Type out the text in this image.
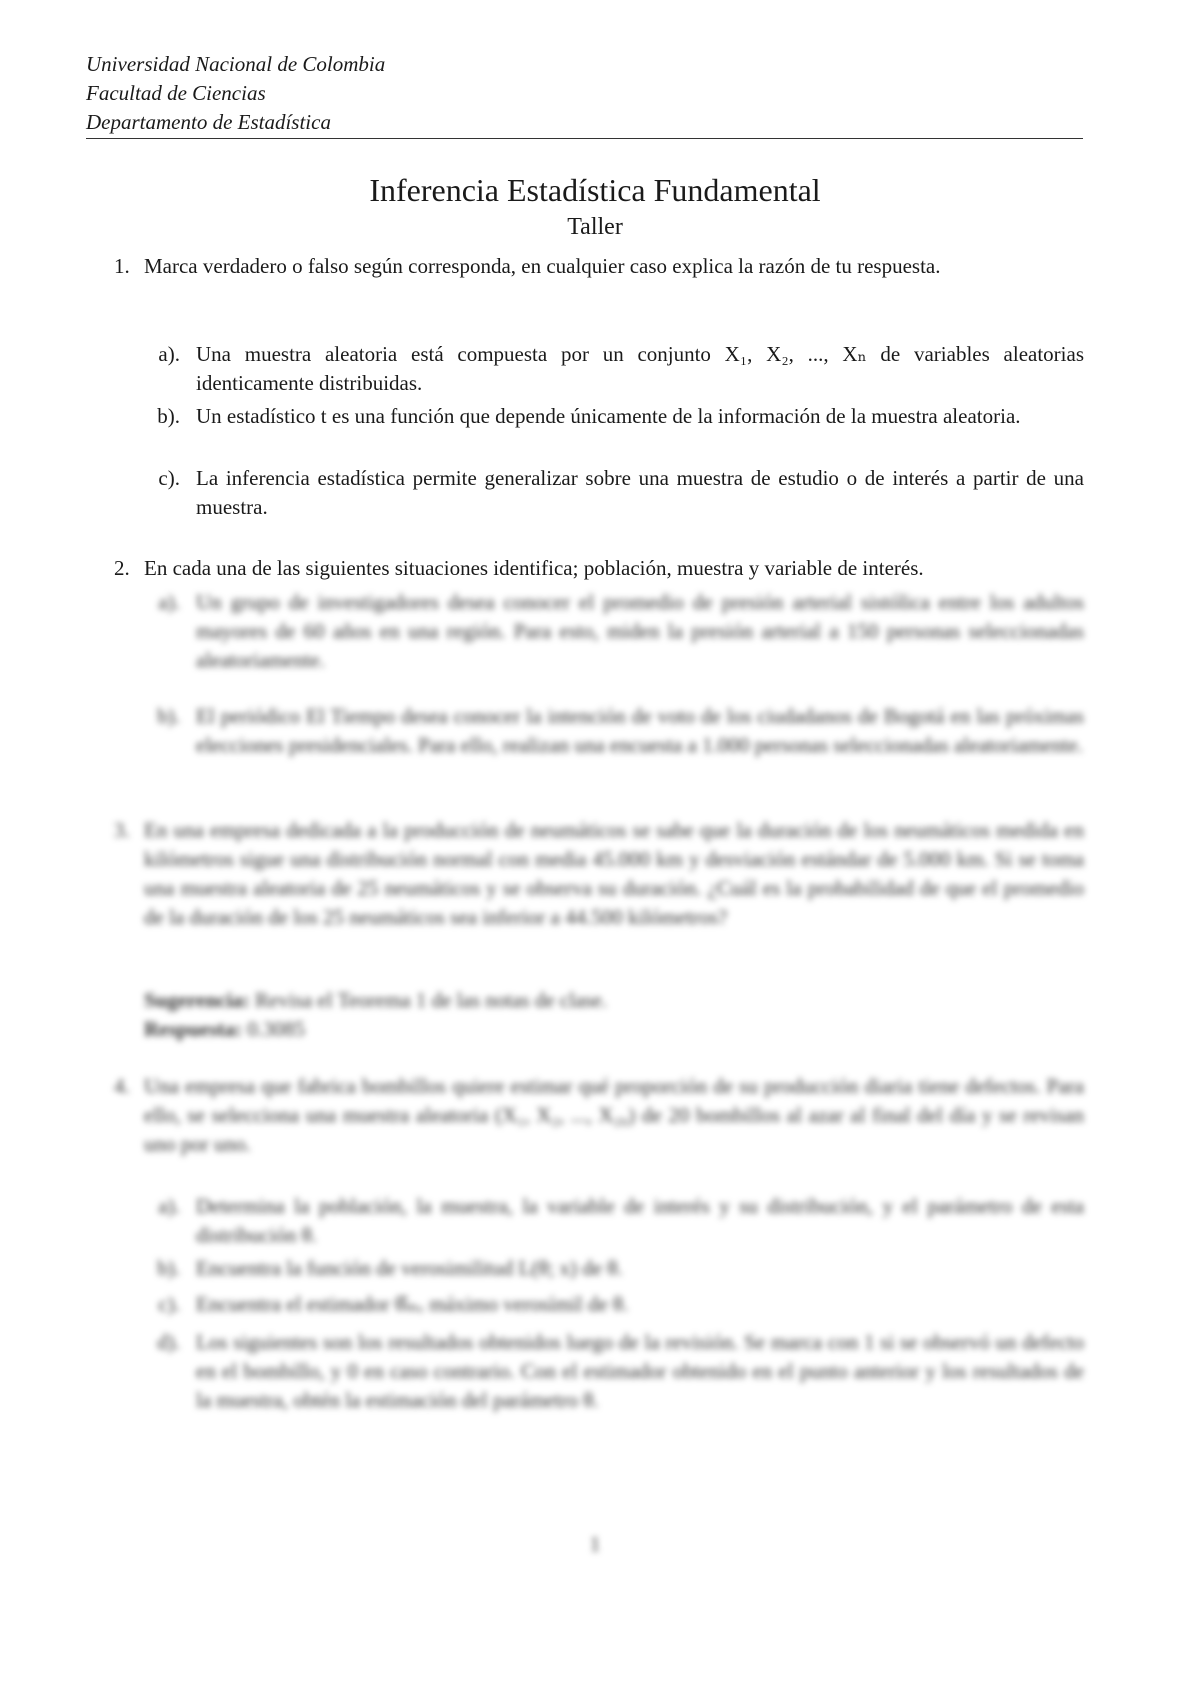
Universidad Nacional de Colombia
Facultad de Ciencias
Departamento de Estadística
Inferencia Estadística Fundamental
Taller
1. Marca verdadero o falso según corresponda, en cualquier caso explica la razón de tu respuesta.
a). Una muestra aleatoria está compuesta por un conjunto X₁, X₂, ..., Xₙ de variables aleatorias identicamente distribuidas.
b). Un estadístico t es una función que depende únicamente de la información de la muestra aleatoria.
c). La inferencia estadística permite generalizar sobre una muestra de estudio o de interés a partir de una muestra.
2. En cada una de las siguientes situaciones identifica; población, muestra y variable de interés.
a). Un grupo de investigadores desea conocer el promedio de presión arterial sistólica entre los adultos mayores de 60 años en una región. Para esto, miden la presión arterial a 150 personas seleccionadas aleatoriamente.
b). El periódico El Tiempo desea conocer la intención de voto de los ciudadanos de Bogotá en las próximas elecciones presidenciales. Para ello, realizan una encuesta a 1.000 personas seleccionadas aleatoriamente.
3. En una empresa dedicada a la producción de neumáticos se sabe que la duración de los neumáticos medida en kilómetros sigue una distribución normal con media 45.000 km y desviación estándar de 5.000 km. Si se toma una muestra aleatoria de 25 neumáticos y se observa su duración. ¿Cuál es la probabilidad de que el promedio de la duración de los 25 neumáticos sea inferior a 44.500 kilómetros?
Sugerencia: Revisa el Teorema 1 de las notas de clase.
Respuesta: 0.3085
4. Una empresa que fabrica bombillos quiere estimar qué proporción de su producción diaria tiene defectos. Para ello, se selecciona una muestra aleatoria (X₁, X₂, ..., X₂₀) de 20 bombillos al azar al final del día y se revisan uno por uno.
a). Determina la población, la muestra, la variable de interés y su distribución, y el parámetro de esta distribución θ.
b). Encuentra la función de verosimilitud L(θ; x) de θ.
c). Encuentra el estimador θ̂ₘᵥ máximo verosímil de θ.
d). Los siguientes son los resultados obtenidos luego de la revisión. Se marca con 1 si se observó un defecto en el bombillo, y 0 en caso contrario. Con el estimador obtenido en el punto anterior y los resultados de la muestra, obtén la estimación del parámetro θ.
1
